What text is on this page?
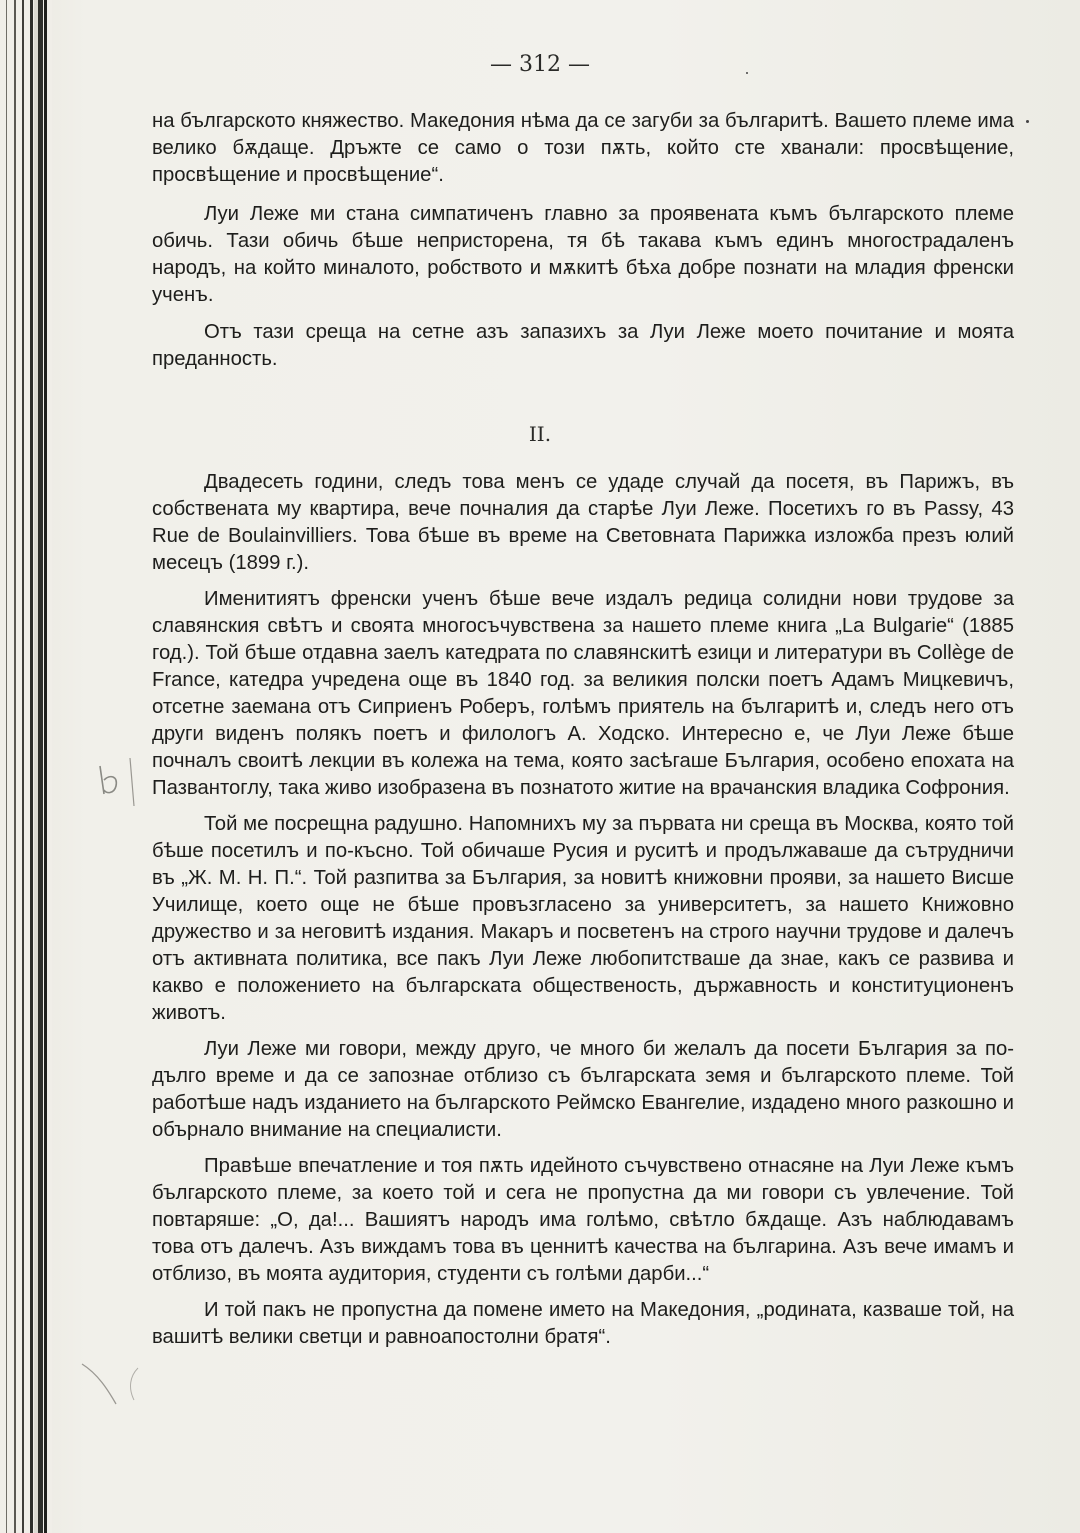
— 312 —

на българското княжество. Македония нѣма да се загуби за българитѣ. Вашето племе има велико бѫдаще. Дръжте се само о този пѫть, който сте хванали: просвѣщение, просвѣщение и просвѣщение“.

Луи Леже ми стана симпатиченъ главно за проявената къмъ българското племе обичь. Тази обичь бѣше непристорена, тя бѣ такава къмъ единъ многострадаленъ народъ, на който миналото, робството и мѫкитѣ бѣха добре познати на младия френски ученъ.

Отъ тази среща на сетне азъ запазихъ за Луи Леже моето почитание и моята преданность.

II.

Двадесеть години, следъ това менъ се удаде случай да посетя, въ Парижъ, въ собствената му квартира, вече почналия да старѣе Луи Леже. Посетихъ го въ Passy, 43 Rue de Boulainvilliers. Това бѣше въ време на Световната Парижка изложба презъ юлий месецъ (1899 г.).

Именитиятъ френски ученъ бѣше вече издалъ редица солидни нови трудове за славянския свѣтъ и своята многосъчувствена за нашето племе книга „La Bulgarie“ (1885 год.). Той бѣше отдавна заелъ катедрата по славянскитѣ езици и литератури въ Collège de France, катедра учредена още въ 1840 год. за великия полски поетъ Адамъ Мицкевичъ, отсетне заемана отъ Сиприенъ Роберъ, голѣмъ приятель на българитѣ и, следъ него отъ други виденъ полякъ поетъ и филологъ А. Ходско. Интересно е, че Луи Леже бѣше почналъ своитѣ лекции въ колежа на тема, която засѣгаше България, особено епохата на Пазвантоглу, така живо изобразена въ познатото житие на врачанския владика Софрония.

Той ме посрещна радушно. Напомнихъ му за първата ни среща въ Москва, която той бѣше посетилъ и по-късно. Той обичаше Русия и руситѣ и продължаваше да сътрудничи въ „Ж. М. Н. П.“. Той разпитва за България, за новитѣ книжовни прояви, за нашето Висше Училище, което още не бѣше провъзгласено за университетъ, за нашето Книжовно дружество и за неговитѣ издания. Макаръ и посветенъ на строго научни трудове и далечъ отъ активната политика, все пакъ Луи Леже любопитстваше да знае, какъ се развива и какво е положението на българската общественость, държавность и конституционенъ животъ.

Луи Леже ми говори, между друго, че много би желалъ да посети България за по-дълго време и да се запознае отблизо съ българската земя и българското племе. Той работѣше надъ изданието на българското Реймско Евангелие, издадено много разкошно и обърнало внимание на специалисти.

Правѣше впечатление и тоя пѫть идейното съчувствено отнасяне на Луи Леже къмъ българското племе, за което той и сега не пропустна да ми говори съ увлечение. Той повтаряше: „О, да!... Вашиятъ народъ има голѣмо, свѣтло бѫдаще. Азъ наблюдавамъ това отъ далечъ. Азъ виждамъ това въ ценнитѣ качества на българина. Азъ вече имамъ и отблизо, въ моята аудитория, студенти съ голѣми дарби...“

И той пакъ не пропустна да помене името на Македония, „родината, казваше той, на вашитѣ велики светци и равноапостолни братя“.
